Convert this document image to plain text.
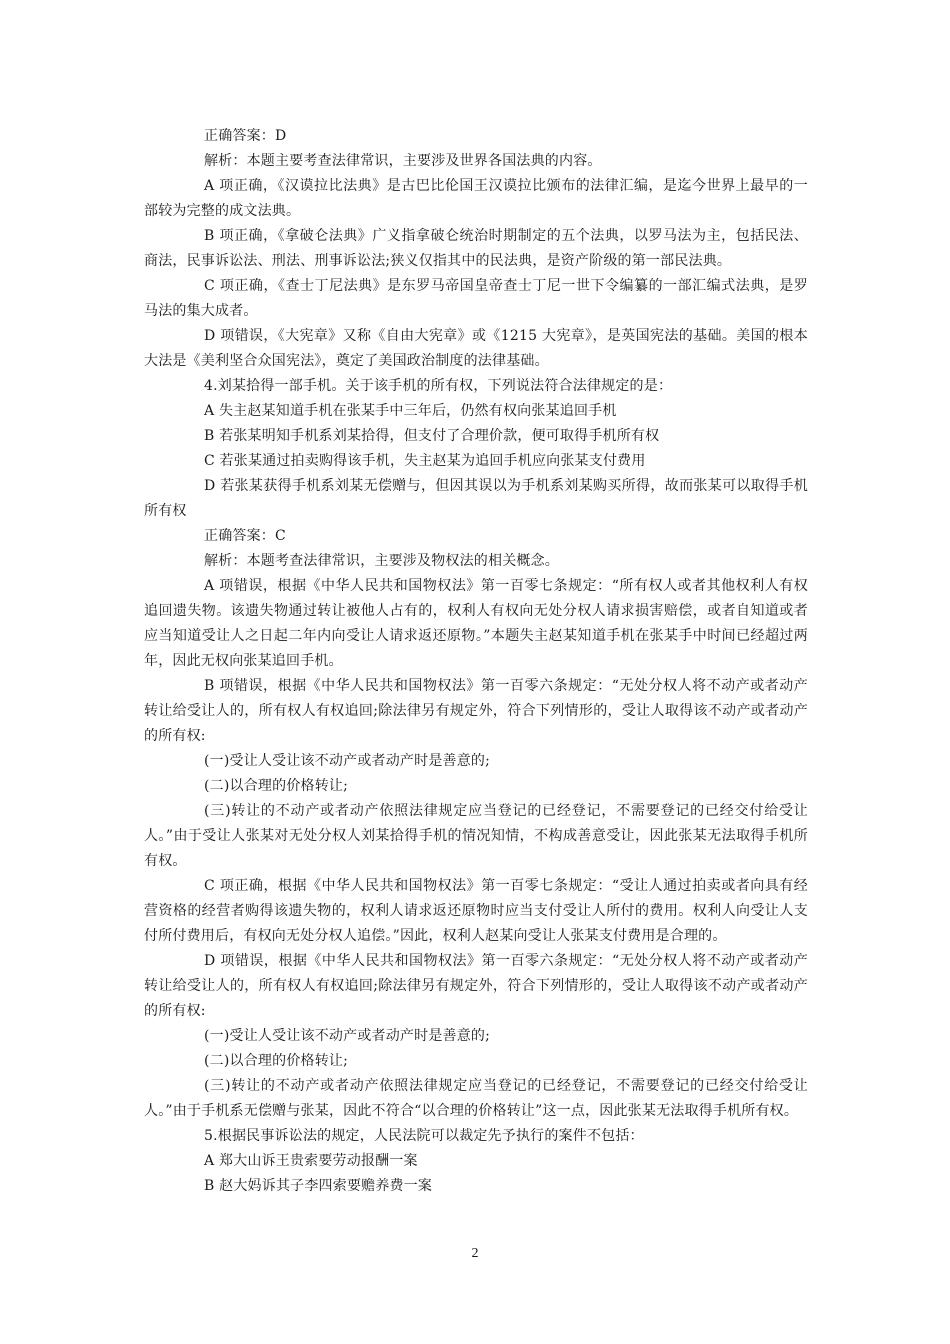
正确答案：D

解析：本题主要考查法律常识，主要涉及世界各国法典的内容。

A 项正确，《汉谟拉比法典》是古巴比伦国王汉谟拉比颁布的法律汇编，是迄今世界上最早的一部较为完整的成文法典。

B 项正确，《拿破仑法典》广义指拿破仑统治时期制定的五个法典，以罗马法为主，包括民法、商法，民事诉讼法、刑法、刑事诉讼法;狭义仅指其中的民法典，是资产阶级的第一部民法典。

C 项正确，《查士丁尼法典》是东罗马帝国皇帝查士丁尼一世下令编纂的一部汇编式法典，是罗马法的集大成者。

D 项错误，《大宪章》又称《自由大宪章》或《1215 大宪章》，是英国宪法的基础。美国的根本大法是《美利坚合众国宪法》，奠定了美国政治制度的法律基础。

4.刘某拾得一部手机。关于该手机的所有权，下列说法符合法律规定的是：

A 失主赵某知道手机在张某手中三年后，仍然有权向张某追回手机

B 若张某明知手机系刘某拾得，但支付了合理价款，便可取得手机所有权

C 若张某通过拍卖购得该手机，失主赵某为追回手机应向张某支付费用

D 若张某获得手机系刘某无偿赠与，但因其误以为手机系刘某购买所得，故而张某可以取得手机所有权

正确答案：C

解析：本题考查法律常识，主要涉及物权法的相关概念。

A 项错误，根据《中华人民共和国物权法》第一百零七条规定：“所有权人或者其他权利人有权追回遗失物。该遗失物通过转让被他人占有的，权利人有权向无处分权人请求损害赔偿，或者自知道或者应当知道受让人之日起二年内向受让人请求返还原物。”本题失主赵某知道手机在张某手中时间已经超过两年，因此无权向张某追回手机。

B 项错误，根据《中华人民共和国物权法》第一百零六条规定：“无处分权人将不动产或者动产转让给受让人的，所有权人有权追回;除法律另有规定外，符合下列情形的，受让人取得该不动产或者动产的所有权:

(一)受让人受让该不动产或者动产时是善意的;

(二)以合理的价格转让;

(三)转让的不动产或者动产依照法律规定应当登记的已经登记，不需要登记的已经交付给受让人。”由于受让人张某对无处分权人刘某拾得手机的情况知情，不构成善意受让，因此张某无法取得手机所有权。

C 项正确，根据《中华人民共和国物权法》第一百零七条规定：“受让人通过拍卖或者向具有经营资格的经营者购得该遗失物的，权利人请求返还原物时应当支付受让人所付的费用。权利人向受让人支付所付费用后，有权向无处分权人追偿。”因此，权利人赵某向受让人张某支付费用是合理的。

D 项错误，根据《中华人民共和国物权法》第一百零六条规定：“无处分权人将不动产或者动产转让给受让人的，所有权人有权追回;除法律另有规定外，符合下列情形的，受让人取得该不动产或者动产的所有权:

(一)受让人受让该不动产或者动产时是善意的;

(二)以合理的价格转让;

(三)转让的不动产或者动产依照法律规定应当登记的已经登记，不需要登记的已经交付给受让人。”由于手机系无偿赠与张某，因此不符合“以合理的价格转让”这一点，因此张某无法取得手机所有权。

5.根据民事诉讼法的规定，人民法院可以裁定先予执行的案件不包括：

A 郑大山诉王贵索要劳动报酬一案

B 赵大妈诉其子李四索要赡养费一案

2
